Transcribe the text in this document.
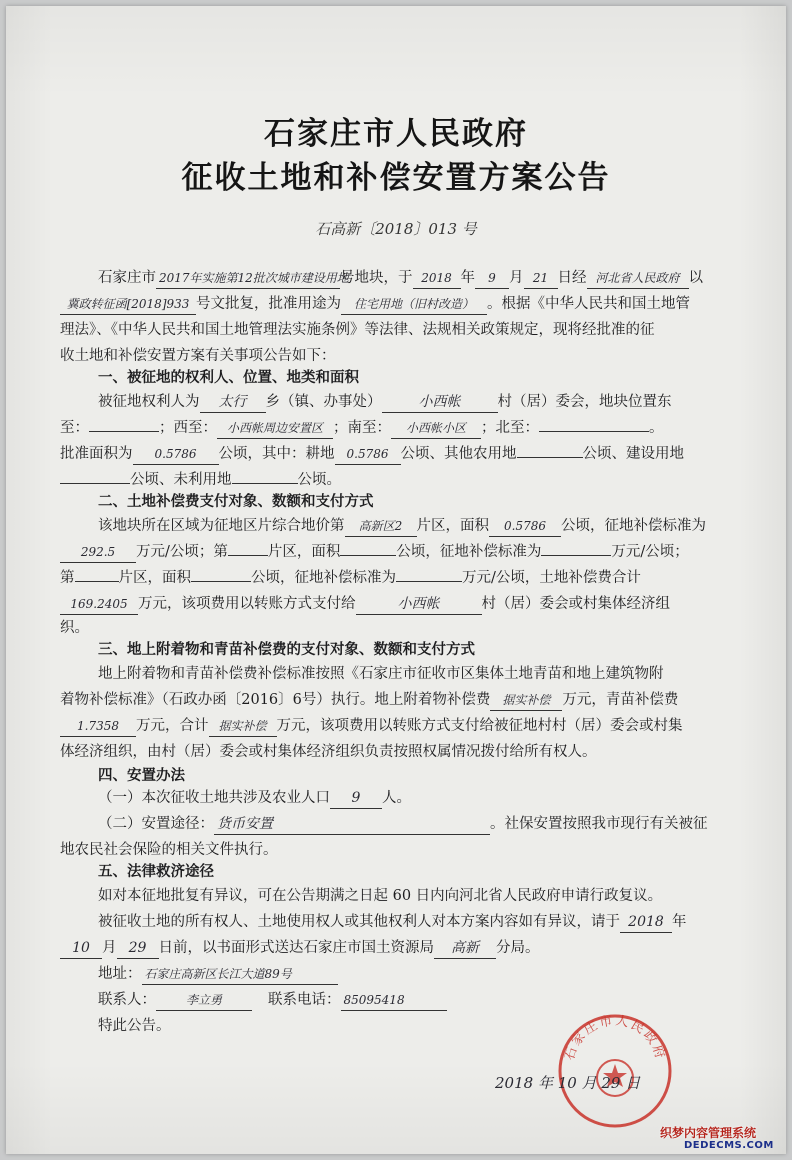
石家庄市人民政府
征收土地和补偿安置方案公告
石高新〔2018〕013 号
石家庄市 2017年实施第12批次城市建设用地号地块，于 2018 年 9 月 21 日经 河北省人民政府 以
冀政转征函[2018]933 号文批复，批准用途为 住宅用地（旧村改造） 。根据《中华人民共和国土地管
理法》、《中华人民共和国土地管理法实施条例》等法律、法规相关政策规定，现将经批准的征
收土地和补偿安置方案有关事项公告如下：
一、被征地的权利人、位置、地类和面积
被征地权利人为 太行 乡（镇、办事处）	小西帐	村（居）委会，地块位置东
至：	；西至： 小西帐周边安置区 ；南至： 小西帐小区 ；北至：	。
批准面积为 0.5786 公顷，其中：耕地 0.5786 公顷、其他农用地	公顷、建设用地
公顷、未利用地	公顷。
二、土地补偿费支付对象、数额和支付方式
该地块所在区域为征地区片综合地价第 高新区2 片区，面积 0.5786 公顷，征地补偿标准为
292.5 万元/公顷；第	片区，面积	公顷，征地补偿标准为	万元/公顷；
第	片区，面积	公顷，征地补偿标准为	万元/公顷，土地补偿费合计
169.2405 万元，该项费用以转账方式支付给	小西帐	村（居）委会或村集体经济组
织。
三、地上附着物和青苗补偿费的支付对象、数额和支付方式
地上附着物和青苗补偿费补偿标准按照《石家庄市征收市区集体土地青苗和地上建筑物附
着物补偿标准》（石政办函〔2016〕6号）执行。地上附着物补偿费 据实补偿 万元，青苗补偿费
1.7358 万元，合计 据实补偿 万元，该项费用以转账方式支付给被征地村村（居）委会或村集
体经济组织，由村（居）委会或村集体经济组织负责按照权属情况拨付给所有权人。
四、安置办法
（一）本次征收土地共涉及农业人口 9 人。
（二）安置途径： 货币安置	。社保安置按照我市现行有关被征
地农民社会保险的相关文件执行。
五、法律救济途径
如对本征地批复有异议，可在公告期满之日起 60 日内向河北省人民政府申请行政复议。
被征收土地的所有权人、土地使用权人或其他权利人对本方案内容如有异议，请于 2018 年
10 月 29 日前，以书面形式送达石家庄市国土资源局 高新 分局。
地址： 石家庄高新区长江大道89号
联系人： 李立勇	联系电话： 85095418
特此公告。
石家庄市人民政府
2018 年 10 月 29 日
织梦内容管理系统
DEDECMS.COM
